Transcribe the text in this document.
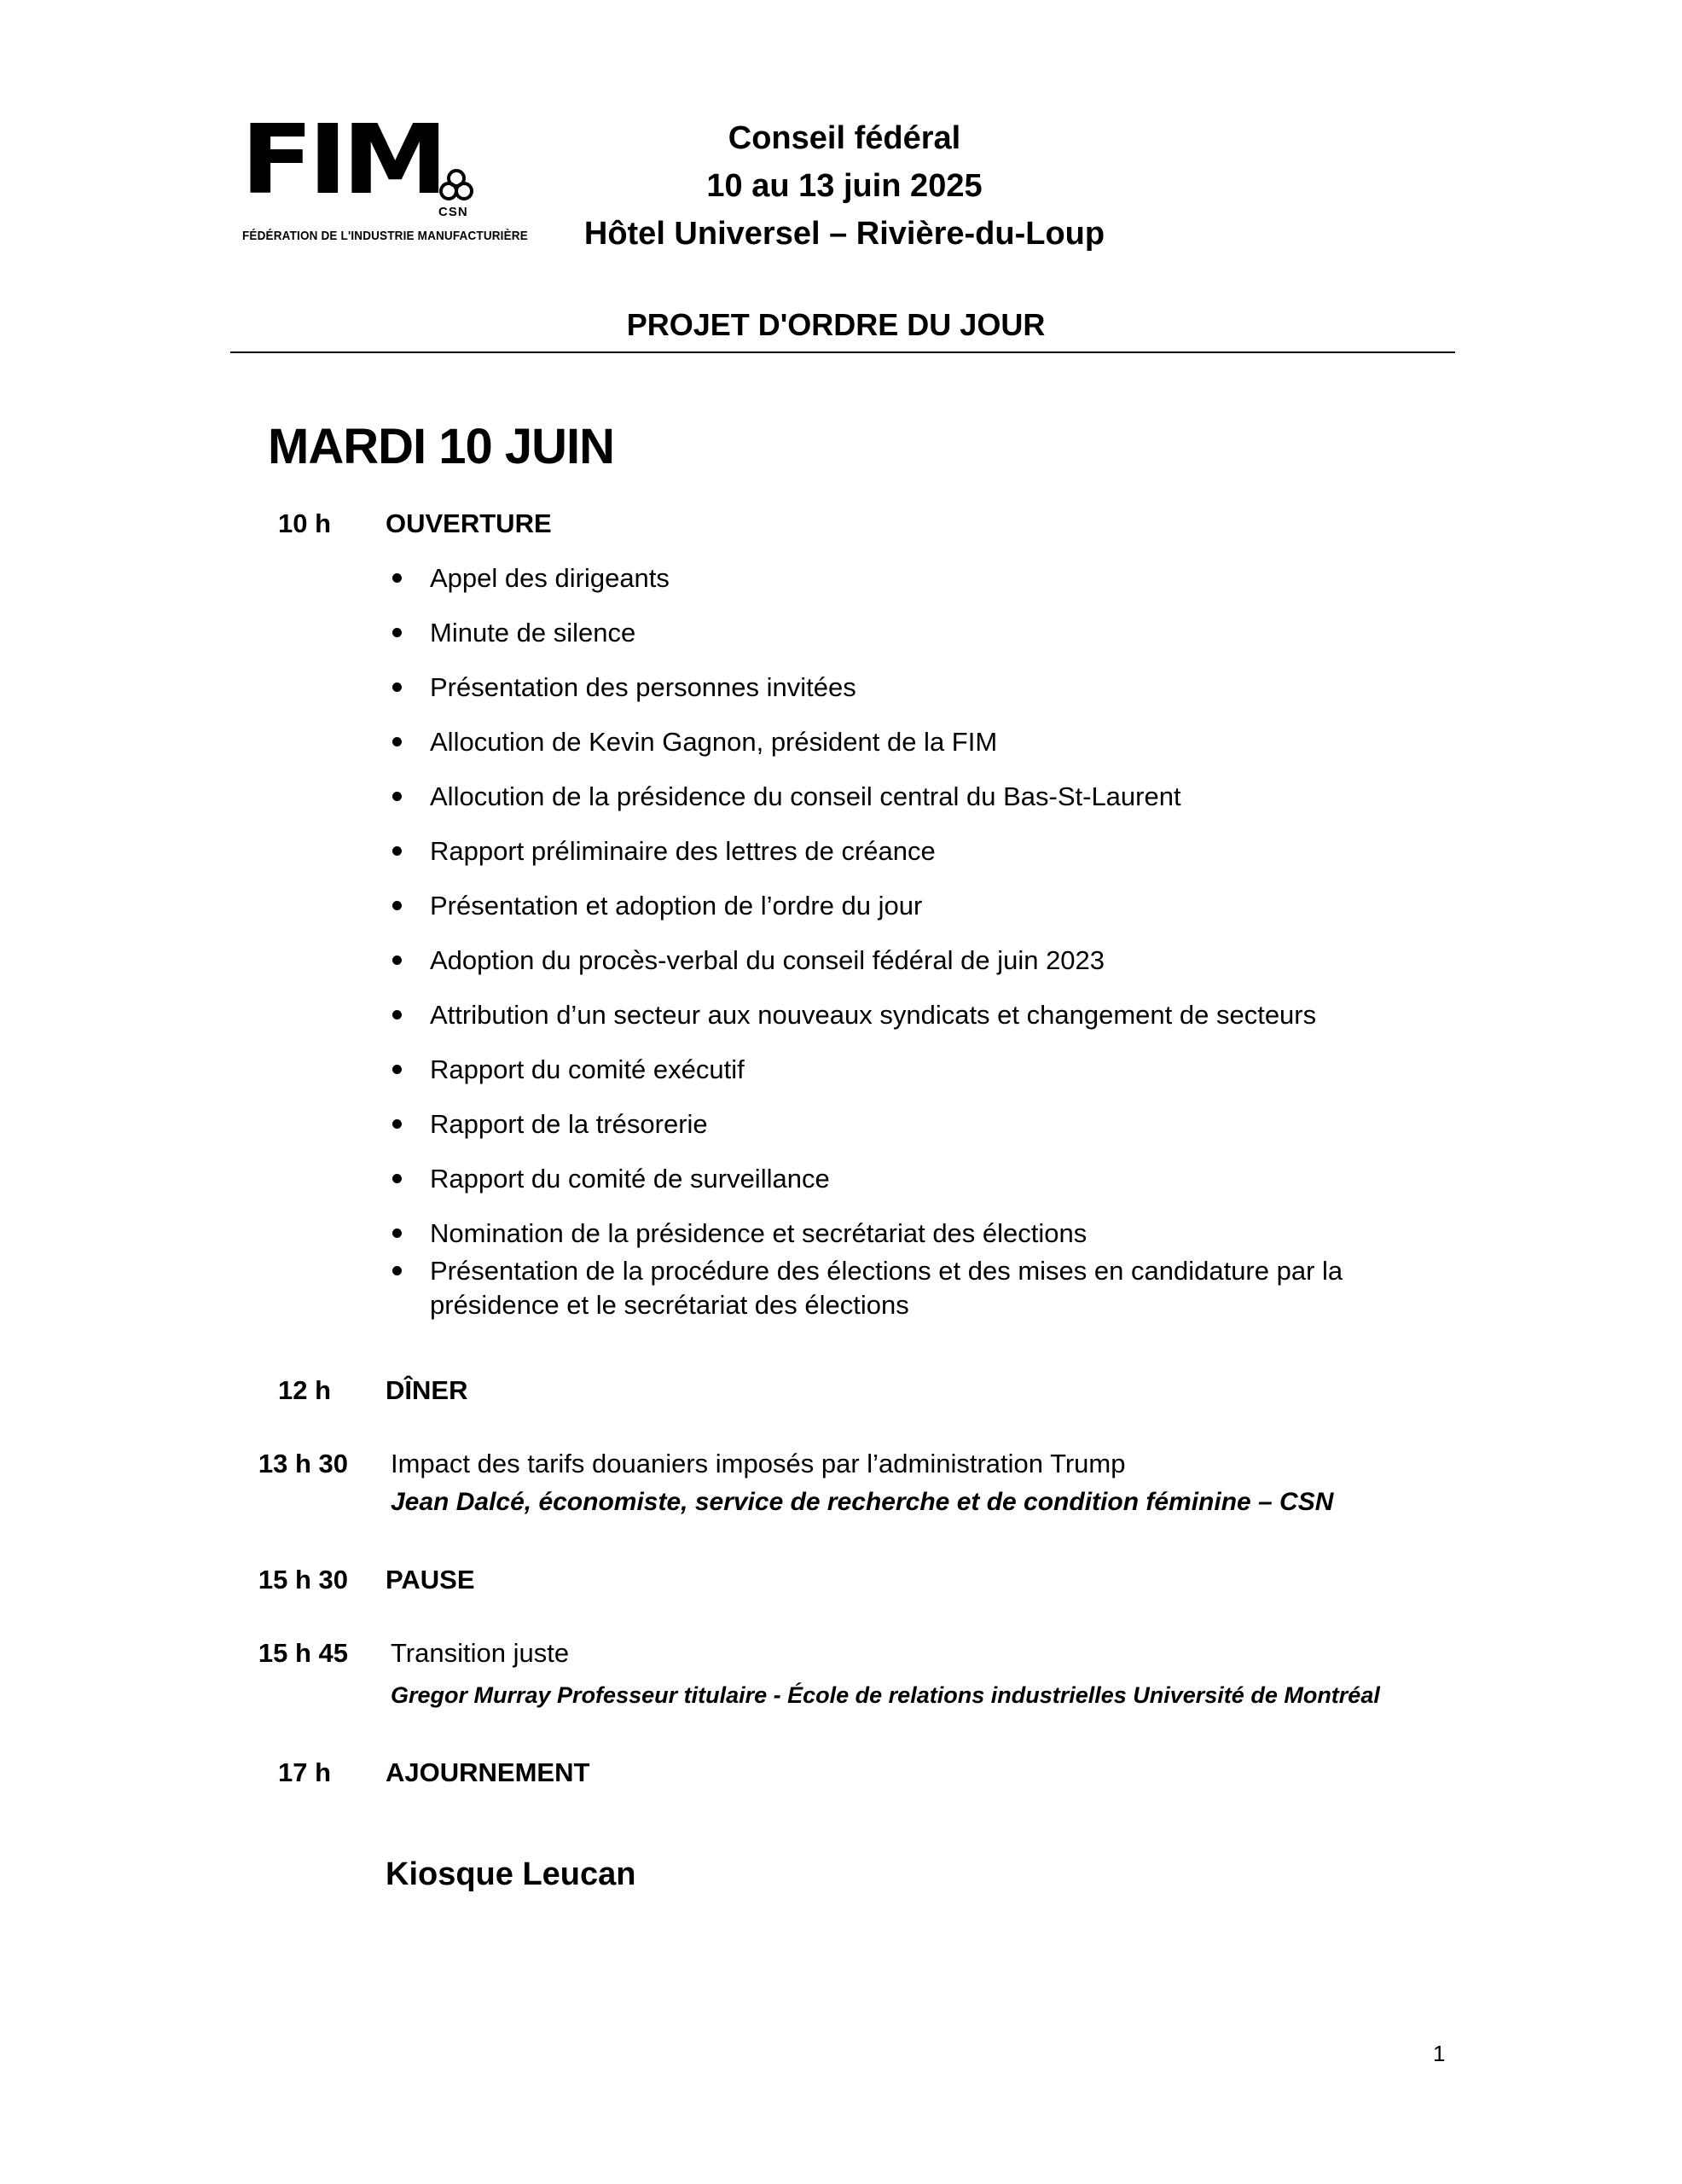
FIM
CSN
FÉDÉRATION DE L'INDUSTRIE MANUFACTURIÈRE
Conseil fédéral
10 au 13 juin 2025
Hôtel Universel – Rivière-du-Loup
PROJET D'ORDRE DU JOUR
MARDI 10 JUIN
10 h OUVERTURE
Appel des dirigeants
Minute de silence
Présentation des personnes invitées
Allocution de Kevin Gagnon, président de la FIM
Allocution de la présidence du conseil central du Bas-St-Laurent
Rapport préliminaire des lettres de créance
Présentation et adoption de l’ordre du jour
Adoption du procès-verbal du conseil fédéral de juin 2023
Attribution d’un secteur aux nouveaux syndicats et changement de secteurs
Rapport du comité exécutif
Rapport de la trésorerie
Rapport du comité de surveillance
Nomination de la présidence et secrétariat des élections
Présentation de la procédure des élections et des mises en candidature par la présidence et le secrétariat des élections
12 h DÎNER
13 h 30 Impact des tarifs douaniers imposés par l’administration Trump
Jean Dalcé, économiste, service de recherche et de condition féminine – CSN
15 h 30 PAUSE
15 h 45 Transition juste
Gregor Murray Professeur titulaire - École de relations industrielles Université de Montréal
17 h AJOURNEMENT
Kiosque Leucan
1
